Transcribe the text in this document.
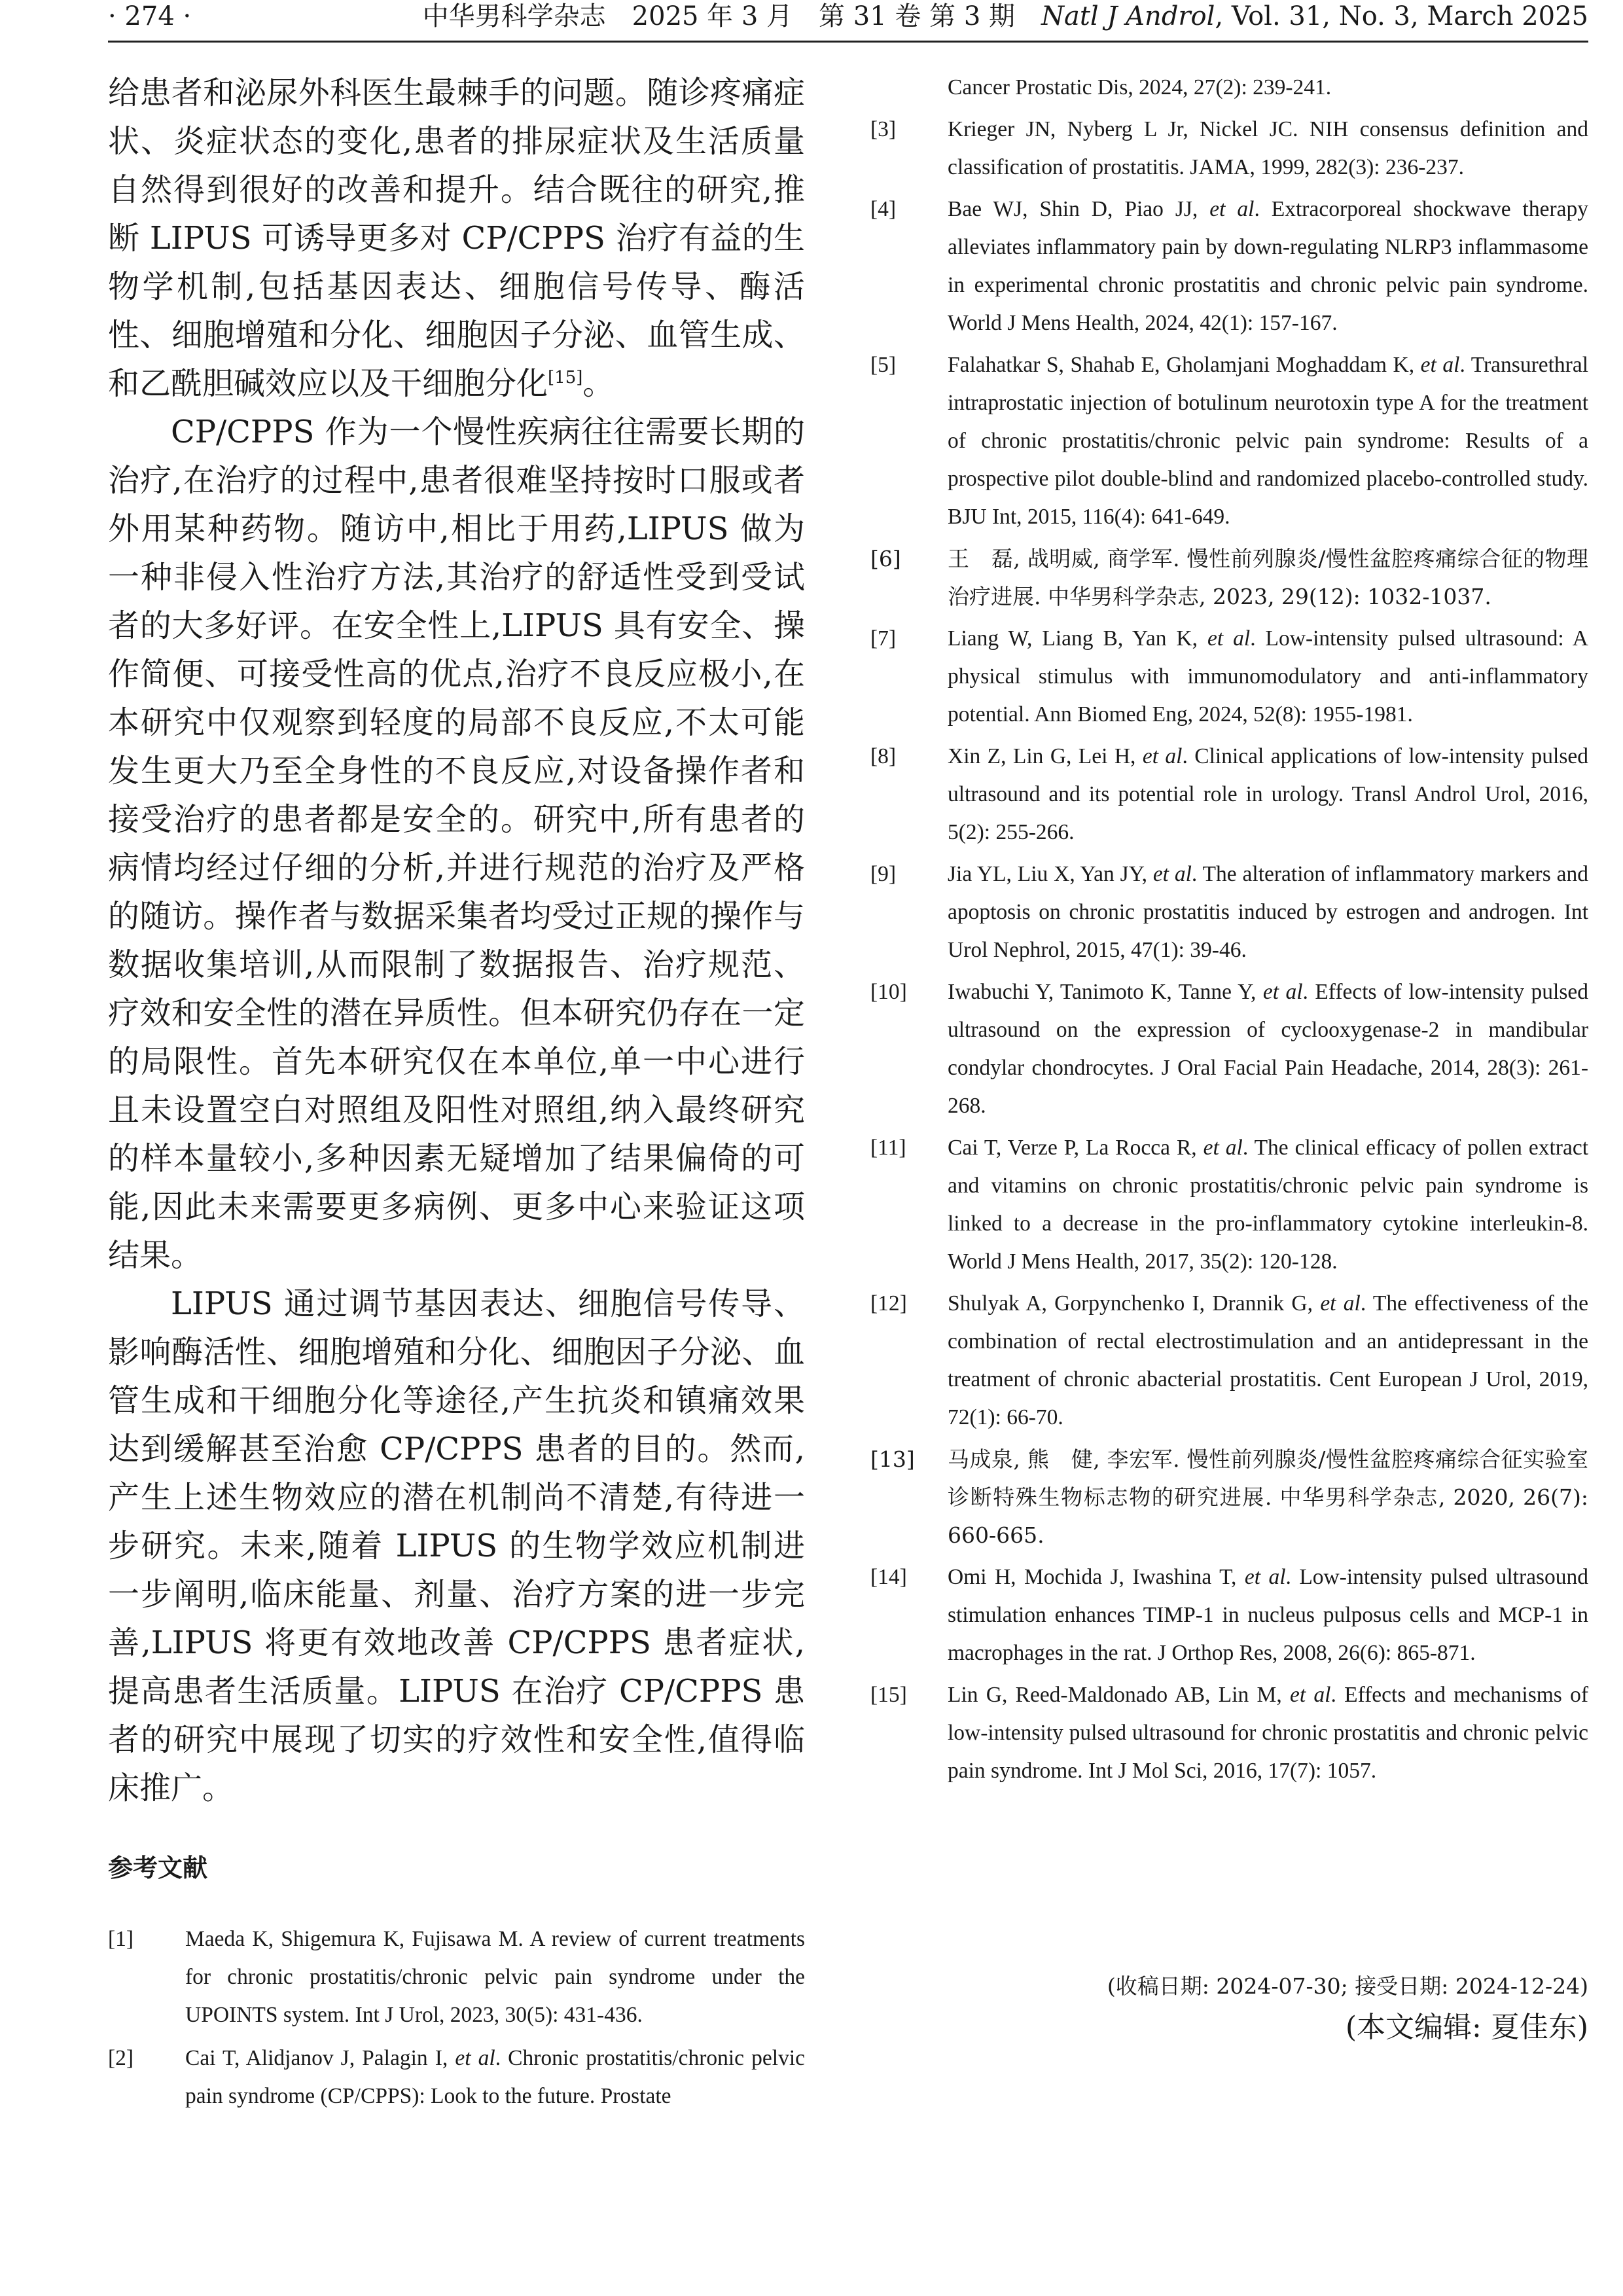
· 274 ·	中华男科学杂志　2025 年 3 月　第 31 卷 第 3 期　 Natl J Androl, Vol. 31, No. 3, March 2025

给患者和泌尿外科医生最棘手的问题。随诊疼痛症状、炎症状态的变化,患者的排尿症状及生活质量自然得到很好的改善和提升。结合既往的研究,推断 LIPUS 可诱导更多对 CP/CPPS 治疗有益的生物学机制,包括基因表达、细胞信号传导、酶活性、细胞增殖和分化、细胞因子分泌、血管生成、和乙酰胆碱效应以及干细胞分化[15]。

CP/CPPS 作为一个慢性疾病往往需要长期的治疗,在治疗的过程中,患者很难坚持按时口服或者外用某种药物。随访中,相比于用药,LIPUS 做为一种非侵入性治疗方法,其治疗的舒适性受到受试者的大多好评。在安全性上,LIPUS 具有安全、操作简便、可接受性高的优点,治疗不良反应极小,在本研究中仅观察到轻度的局部不良反应,不太可能发生更大乃至全身性的不良反应,对设备操作者和接受治疗的患者都是安全的。研究中,所有患者的病情均经过仔细的分析,并进行规范的治疗及严格的随访。操作者与数据采集者均受过正规的操作与数据收集培训,从而限制了数据报告、治疗规范、疗效和安全性的潜在异质性。但本研究仍存在一定的局限性。首先本研究仅在本单位,单一中心进行且未设置空白对照组及阳性对照组,纳入最终研究的样本量较小,多种因素无疑增加了结果偏倚的可能,因此未来需要更多病例、更多中心来验证这项结果。

LIPUS 通过调节基因表达、细胞信号传导、影响酶活性、细胞增殖和分化、细胞因子分泌、血管生成和干细胞分化等途径,产生抗炎和镇痛效果达到缓解甚至治愈 CP/CPPS 患者的目的。然而,产生上述生物效应的潜在机制尚不清楚,有待进一步研究。未来,随着 LIPUS 的生物学效应机制进一步阐明,临床能量、剂量、治疗方案的进一步完善,LIPUS 将更有效地改善 CP/CPPS 患者症状,提高患者生活质量。LIPUS 在治疗 CP/CPPS 患者的研究中展现了切实的疗效性和安全性,值得临床推广。

参考文献

[1] Maeda K, Shigemura K, Fujisawa M. A review of current treatments for chronic prostatitis/chronic pelvic pain syndrome under the UPOINTS system. Int J Urol, 2023, 30(5): 431-436.

[2] Cai T, Alidjanov J, Palagin I, et al. Chronic prostatitis/chronic pelvic pain syndrome (CP/CPPS): Look to the future. Prostate

Cancer Prostatic Dis, 2024, 27(2): 239-241.

[3] Krieger JN, Nyberg L Jr, Nickel JC. NIH consensus definition and classification of prostatitis. JAMA, 1999, 282(3): 236-237.

[4] Bae WJ, Shin D, Piao JJ, et al. Extracorporeal shockwave therapy alleviates inflammatory pain by down-regulating NLRP3 inflammasome in experimental chronic prostatitis and chronic pelvic pain syndrome. World J Mens Health, 2024, 42(1): 157-167.

[5] Falahatkar S, Shahab E, Gholamjani Moghaddam K, et al. Transurethral intraprostatic injection of botulinum neurotoxin type A for the treatment of chronic prostatitis/chronic pelvic pain syndrome: Results of a prospective pilot double-blind and randomized placebo-controlled study. BJU Int, 2015, 116(4): 641-649.

[6] 王　磊, 战明威, 商学军. 慢性前列腺炎/慢性盆腔疼痛综合征的物理治疗进展. 中华男科学杂志, 2023, 29(12): 1032-1037.

[7] Liang W, Liang B, Yan K, et al. Low-intensity pulsed ultrasound: A physical stimulus with immunomodulatory and anti-inflammatory potential. Ann Biomed Eng, 2024, 52(8): 1955-1981.

[8] Xin Z, Lin G, Lei H, et al. Clinical applications of low-intensity pulsed ultrasound and its potential role in urology. Transl Androl Urol, 2016, 5(2): 255-266.

[9] Jia YL, Liu X, Yan JY, et al. The alteration of inflammatory markers and apoptosis on chronic prostatitis induced by estrogen and androgen. Int Urol Nephrol, 2015, 47(1): 39-46.

[10] Iwabuchi Y, Tanimoto K, Tanne Y, et al. Effects of low-intensity pulsed ultrasound on the expression of cyclooxygenase-2 in mandibular condylar chondrocytes. J Oral Facial Pain Headache, 2014, 28(3): 261-268.

[11] Cai T, Verze P, La Rocca R, et al. The clinical efficacy of pollen extract and vitamins on chronic prostatitis/chronic pelvic pain syndrome is linked to a decrease in the pro-inflammatory cytokine interleukin-8. World J Mens Health, 2017, 35(2): 120-128.

[12] Shulyak A, Gorpynchenko I, Drannik G, et al. The effectiveness of the combination of rectal electrostimulation and an antidepressant in the treatment of chronic abacterial prostatitis. Cent European J Urol, 2019, 72(1): 66-70.

[13] 马成泉, 熊　健, 李宏军. 慢性前列腺炎/慢性盆腔疼痛综合征实验室诊断特殊生物标志物的研究进展. 中华男科学杂志, 2020, 26(7): 660-665.

[14] Omi H, Mochida J, Iwashina T, et al. Low-intensity pulsed ultrasound stimulation enhances TIMP-1 in nucleus pulposus cells and MCP-1 in macrophages in the rat. J Orthop Res, 2008, 26(6): 865-871.

[15] Lin G, Reed-Maldonado AB, Lin M, et al. Effects and mechanisms of low-intensity pulsed ultrasound for chronic prostatitis and chronic pelvic pain syndrome. Int J Mol Sci, 2016, 17(7): 1057.

(收稿日期: 2024-07-30; 接受日期: 2024-12-24)
(本文编辑: 夏佳东)
